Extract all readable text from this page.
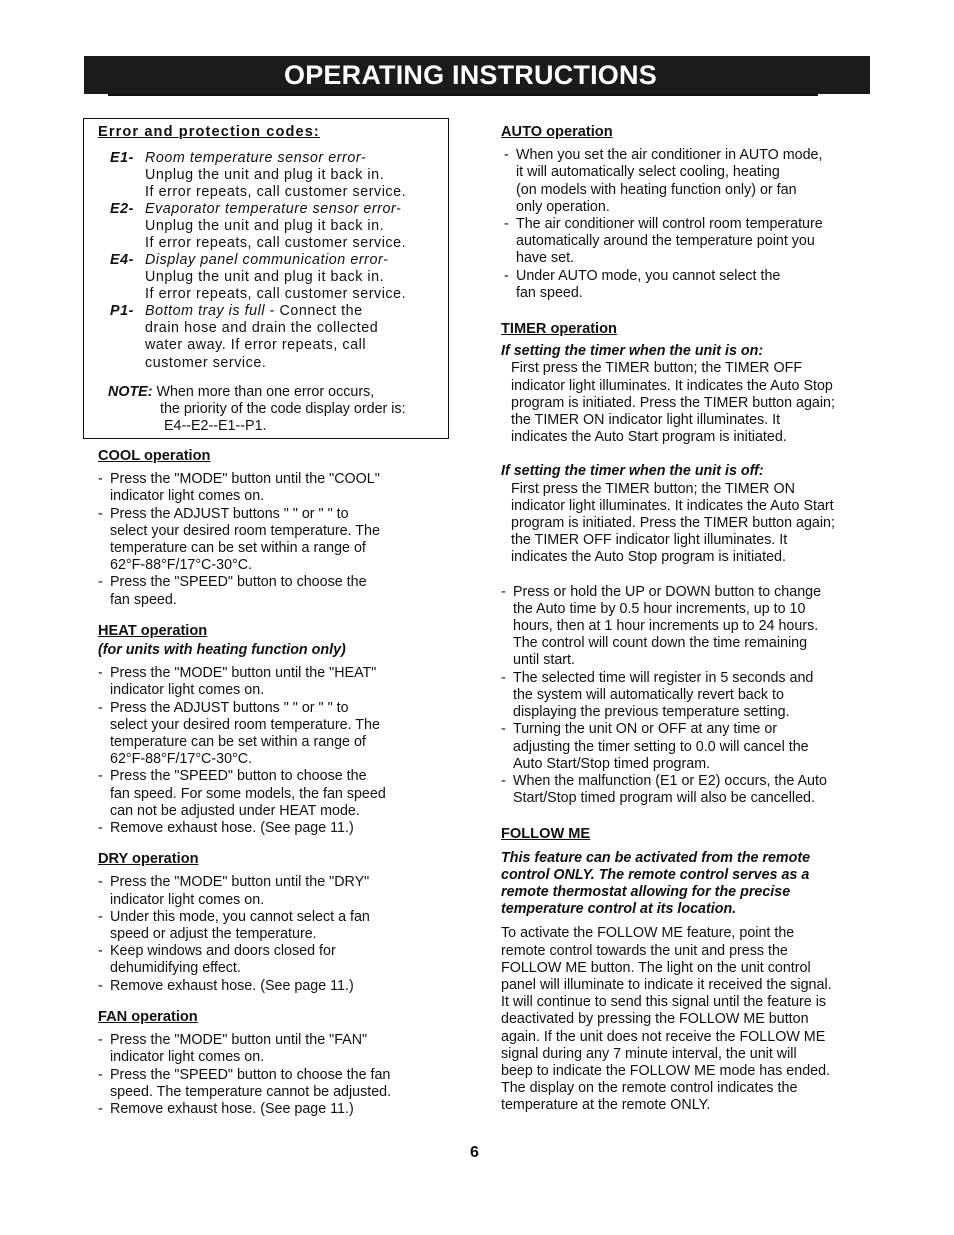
OPERATING INSTRUCTIONS
Error and protection codes:
E1- Room temperature sensor error-
Unplug the unit and plug it back in.
If error repeats, call customer service.
E2- Evaporator temperature sensor error-
Unplug the unit and plug it back in.
If error repeats, call customer service.
E4- Display panel communication error-
Unplug the unit and plug it back in.
If error repeats, call customer service.
P1- Bottom tray is full - Connect the
drain hose and drain the collected
water away. If error repeats, call
customer service.
NOTE: When more than one error occurs,
the priority of the code display order is:
E4--E2--E1--P1.

COOL operation

- Press the "MODE" button until the "COOL"
indicator light comes on.
- Press the ADJUST buttons " " or " " to
select your desired room temperature. The
temperature can be set within a range of
62°F-88°F/17°C-30°C.
- Press the "SPEED" button to choose the
fan speed.

HEAT operation

(for units with heating function only)
- Press the "MODE" button until the "HEAT"
indicator light comes on.
- Press the ADJUST buttons " " or " " to
select your desired room temperature. The
temperature can be set within a range of
62°F-88°F/17°C-30°C.
- Press the "SPEED" button to choose the
fan speed. For some models, the fan speed
can not be adjusted under HEAT mode.
- Remove exhaust hose. (See page 11.)

DRY operation

- Press the "MODE" button until the "DRY"
indicator light comes on.
- Under this mode, you cannot select a fan
speed or adjust the temperature.
- Keep windows and doors closed for
dehumidifying effect.
- Remove exhaust hose. (See page 11.)

FAN operation

- Press the "MODE" button until the "FAN"
indicator light comes on.
- Press the "SPEED" button to choose the fan
speed. The temperature cannot be adjusted.
- Remove exhaust hose. (See page 11.)

AUTO operation

- When you set the air conditioner in AUTO mode,
it will automatically select cooling, heating
(on models with heating function only) or fan
only operation.
- The air conditioner will control room temperature
automatically around the temperature point you
have set.
- Under AUTO mode, you cannot select the
fan speed.

TIMER operation

If setting the timer when the unit is on:
First press the TIMER button; the TIMER OFF
indicator light illuminates. It indicates the Auto Stop
program is initiated. Press the TIMER button again;
the TIMER ON indicator light illuminates. It
indicates the Auto Start program is initiated.
If setting the timer when the unit is off:
First press the TIMER button; the TIMER ON
indicator light illuminates. It indicates the Auto Start
program is initiated. Press the TIMER button again;
the TIMER OFF indicator light illuminates. It
indicates the Auto Stop program is initiated.
- Press or hold the UP or DOWN button to change
the Auto time by 0.5 hour increments, up to 10
hours, then at 1 hour increments up to 24 hours.
The control will count down the time remaining
until start.
- The selected time will register in 5 seconds and
the system will automatically revert back to
displaying the previous temperature setting.
- Turning the unit ON or OFF at any time or
adjusting the timer setting to 0.0 will cancel the
Auto Start/Stop timed program.
- When the malfunction (E1 or E2) occurs, the Auto
Start/Stop timed program will also be cancelled.

FOLLOW ME

This feature can be activated from the remote
control ONLY. The remote control serves as a
remote thermostat allowing for the precise
temperature control at its location.
To activate the FOLLOW ME feature, point the
remote control towards the unit and press the
FOLLOW ME button. The light on the unit control
panel will illuminate to indicate it received the signal.
It will continue to send this signal until the feature is
deactivated by pressing the FOLLOW ME button
again. If the unit does not receive the FOLLOW ME
signal during any 7 minute interval, the unit will
beep to indicate the FOLLOW ME mode has ended.
The display on the remote control indicates the
temperature at the remote ONLY.
6
